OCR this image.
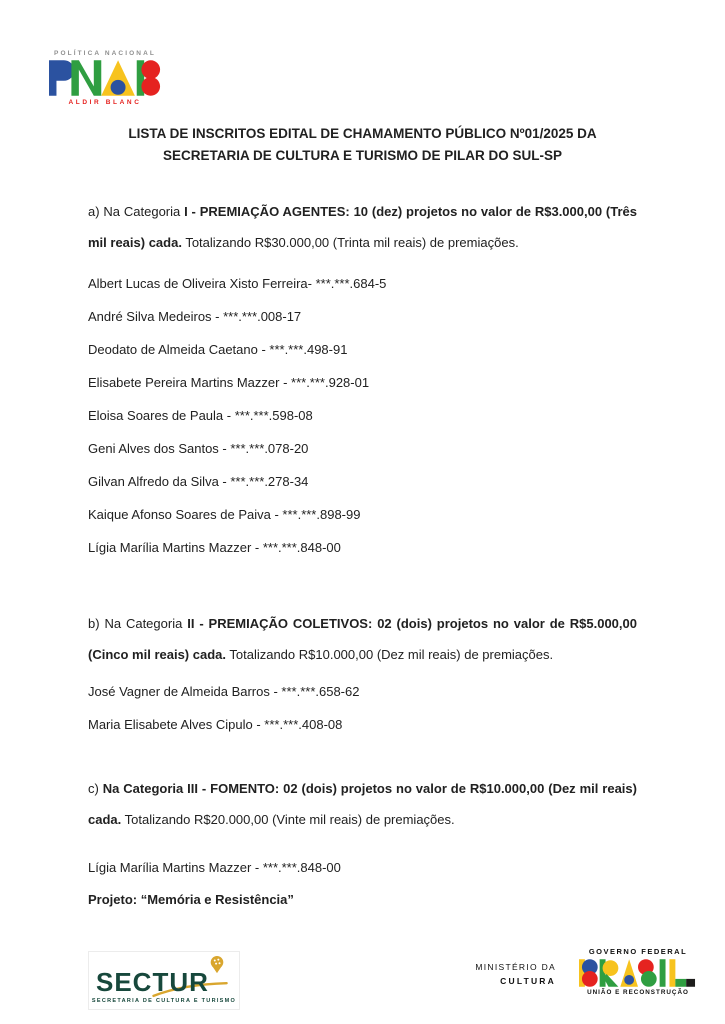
POLÍTICA NACIONAL
ALDIR BLANC
LISTA DE INSCRITOS EDITAL DE CHAMAMENTO PÚBLICO Nº01/2025 DA
SECRETARIA DE CULTURA E TURISMO DE PILAR DO SUL-SP

a) Na Categoria I - PREMIAÇÃO AGENTES: 10 (dez) projetos no valor de R$3.000,00 (Três mil reais) cada. Totalizando R$30.000,00 (Trinta mil reais) de premiações.

Albert Lucas de Oliveira Xisto Ferreira- ***.***.684-5
André Silva Medeiros - ***.***.008-17
Deodato de Almeida Caetano - ***.***.498-91
Elisabete Pereira Martins Mazzer - ***.***.928-01
Eloisa Soares de Paula - ***.***.598-08
Geni Alves dos Santos - ***.***.078-20
Gilvan Alfredo da Silva - ***.***.278-34
Kaique Afonso Soares de Paiva - ***.***.898-99
Lígia Marília Martins Mazzer - ***.***.848-00

b) Na Categoria II - PREMIAÇÃO COLETIVOS: 02 (dois) projetos no valor de R$5.000,00 (Cinco mil reais) cada. Totalizando R$10.000,00 (Dez mil reais) de premiações.

José Vagner de Almeida Barros - ***.***.658-62
Maria Elisabete Alves Cipulo - ***.***.408-08

c) Na Categoria III - FOMENTO: 02 (dois) projetos no valor de R$10.000,00 (Dez mil reais) cada. Totalizando R$20.000,00 (Vinte mil reais) de premiações.

Lígia Marília Martins Mazzer - ***.***.848-00
Projeto: “Memória e Resistência”
SECTUR
SECRETARIA DE CULTURA E TURISMO
MINISTÉRIO DA
CULTURA
GOVERNO FEDERAL
UNIÃO E RECONSTRUÇÃO
